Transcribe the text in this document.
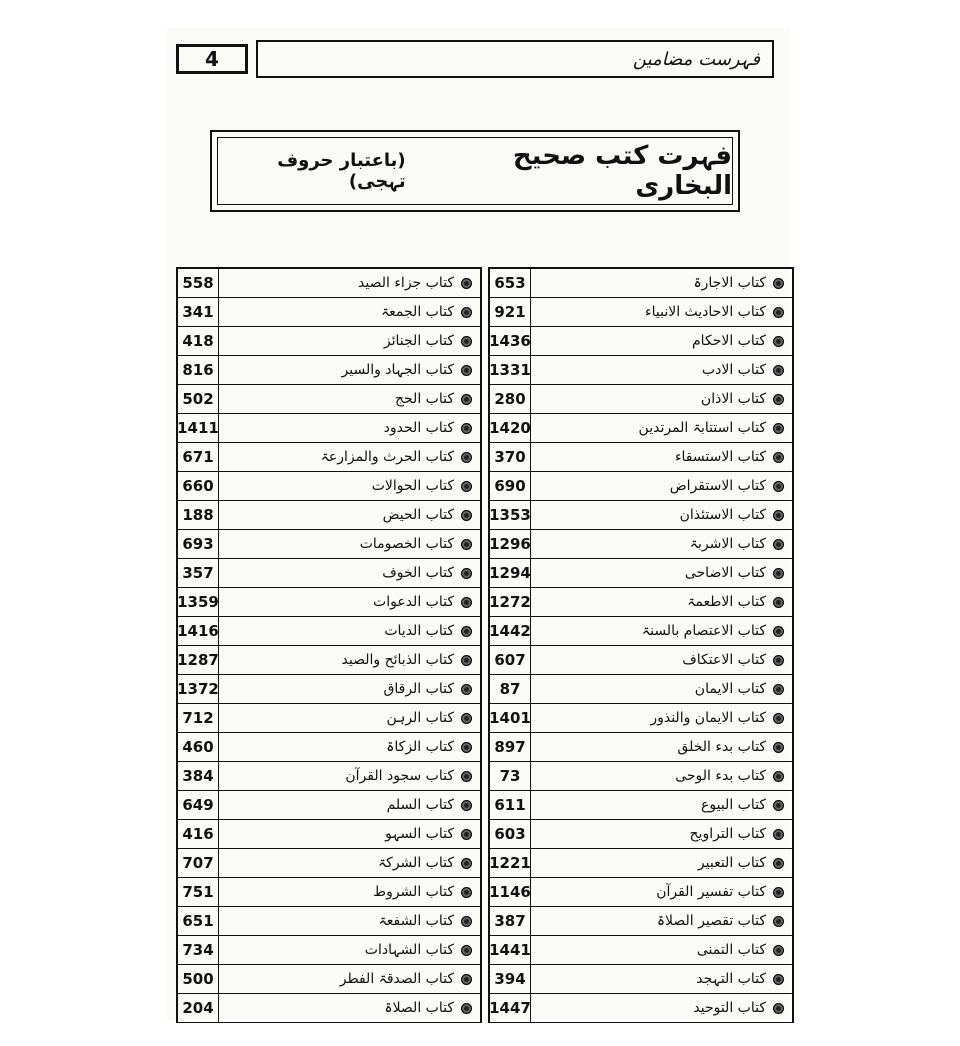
4	فہرست مضامین
فہرت کتب صحیح البخاری
(باعتبار حروف تہجی)
653	کتاب الاجارۃ
921	کتاب الاحادیث الانبیاء
1436	کتاب الاحکام
1331	کتاب الادب
280	کتاب الاذان
1420	کتاب استتابۃ المرتدین
370	کتاب الاستسقاء
690	کتاب الاستقراض
1353	کتاب الاستئذان
1296	کتاب الاشربۃ
1294	کتاب الاضاحی
1272	کتاب الاطعمۃ
1442	کتاب الاعتصام بالسنۃ
607	کتاب الاعتکاف
87	کتاب الایمان
1401	کتاب الایمان والنذور
897	کتاب بدء الخلق
73	کتاب بدء الوحی
611	کتاب البیوع
603	کتاب التراویح
1221	کتاب التعبیر
1146	کتاب تفسیر القرآن
387	کتاب تقصیر الصلاۃ
1441	کتاب التمنی
394	کتاب التہجد
1447	کتاب التوحید
558	کتاب جزاء الصید
341	کتاب الجمعۃ
418	کتاب الجنائز
816	کتاب الجہاد والسیر
502	کتاب الحج
1411	کتاب الحدود
671	کتاب الحرث والمزارعۃ
660	کتاب الحوالات
188	کتاب الحیض
693	کتاب الخصومات
357	کتاب الخوف
1359	کتاب الدعوات
1416	کتاب الدیات
1287	کتاب الذبائح والصید
1372	کتاب الرقاق
712	کتاب الرہن
460	کتاب الزکاۃ
384	کتاب سجود القرآن
649	کتاب السلم
416	کتاب السہو
707	کتاب الشرکۃ
751	کتاب الشروط
651	کتاب الشفعۃ
734	کتاب الشہادات
500	کتاب الصدقۃ الفطر
204	کتاب الصلاۃ
